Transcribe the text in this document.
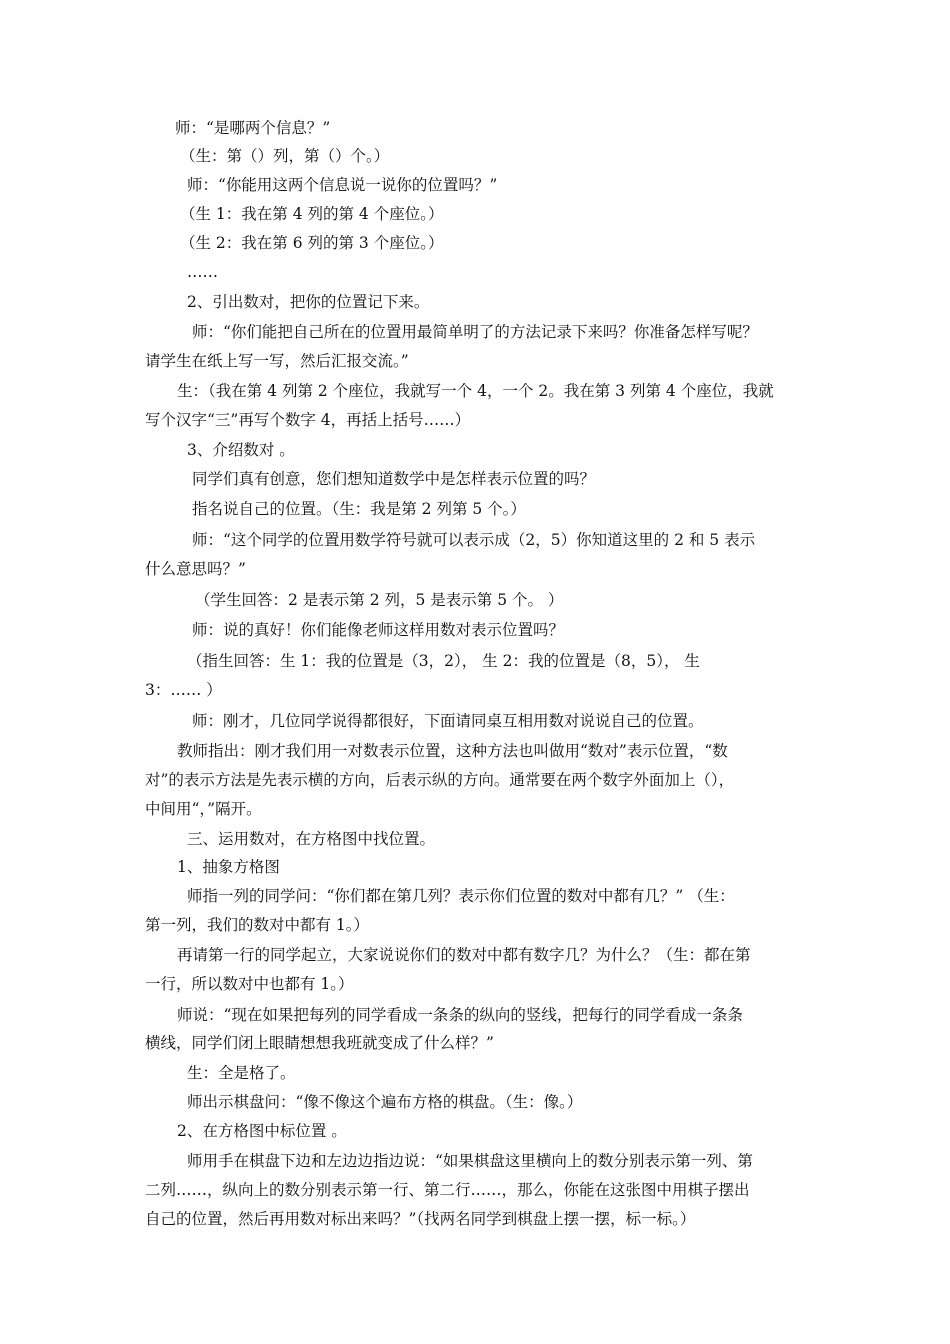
师：“是哪两个信息？”
（生：第（）列，第（）个。）
师：“你能用这两个信息说一说你的位置吗？”
（生 1：我在第 4 列的第 4 个座位。）
（生 2：我在第 6 列的第 3 个座位。）
……
2、引出数对，把你的位置记下来。
师：“你们能把自己所在的位置用最简单明了的方法记录下来吗？你准备怎样写呢？
请学生在纸上写一写，然后汇报交流。”
生：（我在第 4 列第 2 个座位，我就写一个 4，一个 2。我在第 3 列第 4 个座位，我就
写个汉字“三”再写个数字 4，再括上括号……）
3、介绍数对 。
同学们真有创意，您们想知道数学中是怎样表示位置的吗？
指名说自己的位置。（生：我是第 2 列第 5 个。）
师：“这个同学的位置用数学符号就可以表示成（2，5）你知道这里的 2 和 5 表示
什么意思吗？”
（学生回答：2 是表示第 2 列，5 是表示第 5 个。 ）
师：说的真好！你们能像老师这样用数对表示位置吗？
（指生回答：生 1：我的位置是（3，2）， 生 2：我的位置是（8，5）， 生
3：…… ）
师：刚才，几位同学说得都很好，下面请同桌互相用数对说说自己的位置。
教师指出：刚才我们用一对数表示位置，这种方法也叫做用“数对”表示位置，“数
对”的表示方法是先表示横的方向，后表示纵的方向。通常要在两个数字外面加上（），
中间用“，”隔开。
三、运用数对，在方格图中找位置。
1、抽象方格图
师指一列的同学问：“你们都在第几列？表示你们位置的数对中都有几？” （生：
第一列，我们的数对中都有 1。）
再请第一行的同学起立，大家说说你们的数对中都有数字几？为什么？（生：都在第
一行，所以数对中也都有 1。）
师说：“现在如果把每列的同学看成一条条的纵向的竖线，把每行的同学看成一条条
横线，同学们闭上眼睛想想我班就变成了什么样？”
生：全是格了。
师出示棋盘问：“像不像这个遍布方格的棋盘。（生：像。）
2、在方格图中标位置 。
师用手在棋盘下边和左边边指边说：“如果棋盘这里横向上的数分别表示第一列、第
二列……，纵向上的数分别表示第一行、第二行……，那么，你能在这张图中用棋子摆出
自己的位置，然后再用数对标出来吗？”（找两名同学到棋盘上摆一摆，标一标。）
